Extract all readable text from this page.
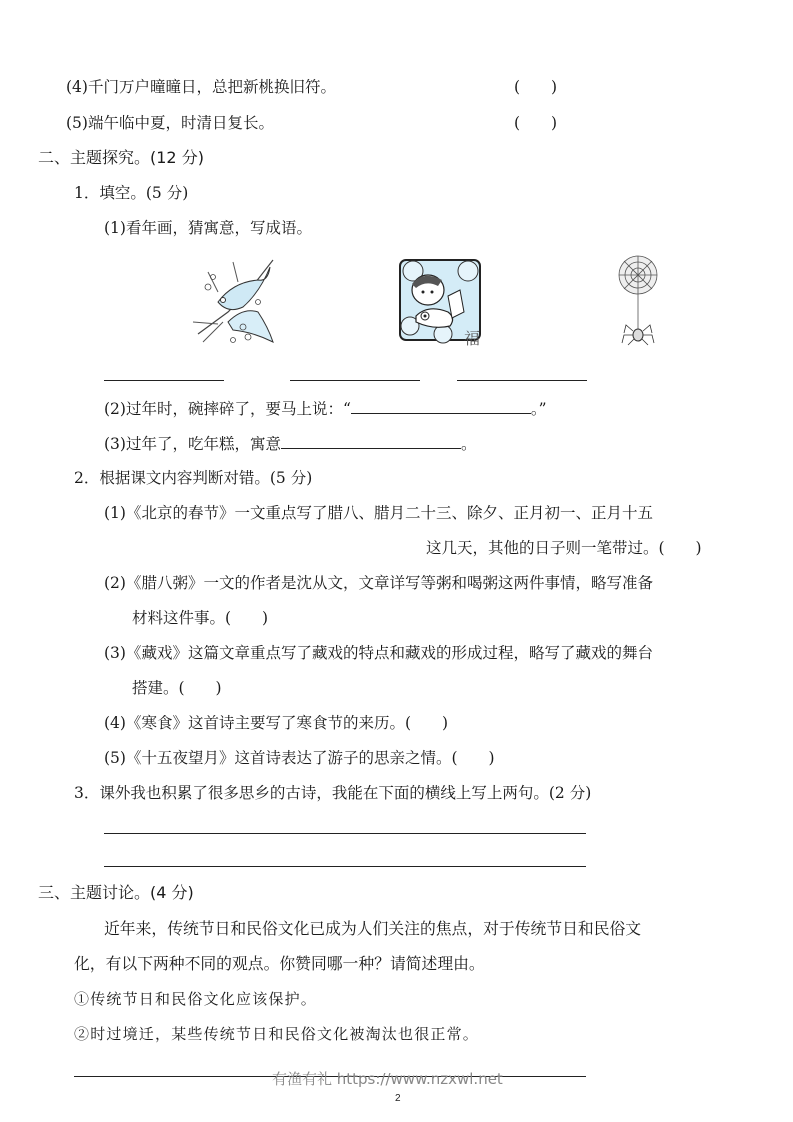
(4)千门万户曈曈日，总把新桃换旧符。	(　　)
(5)端午临中夏，时清日复长。	(　　)
二、主题探究。(12 分)
1．填空。(5 分)
(1)看年画，猜寓意，写成语。
福
(2)过年时，碗摔碎了，要马上说：“	。”
(3)过年了，吃年糕，寓意	。
2．根据课文内容判断对错。(5 分)
(1)《北京的春节》一文重点写了腊八、腊月二十三、除夕、正月初一、正月十五
这几天，其他的日子则一笔带过。(　　)
(2)《腊八粥》一文的作者是沈从文，文章详写等粥和喝粥这两件事情，略写准备
材料这件事。(　　)
(3)《藏戏》这篇文章重点写了藏戏的特点和藏戏的形成过程，略写了藏戏的舞台
搭建。(　　)
(4)《寒食》这首诗主要写了寒食节的来历。(　　)
(5)《十五夜望月》这首诗表达了游子的思亲之情。(　　)
3．课外我也积累了很多思乡的古诗，我能在下面的横线上写上两句。(2 分)
三、主题讨论。(4 分)
近年来，传统节日和民俗文化已成为人们关注的焦点，对于传统节日和民俗文
化，有以下两种不同的观点。你赞同哪一种？请简述理由。
①传统节日和民俗文化应该保护。
②时过境迁，某些传统节日和民俗文化被淘汰也很正常。
有渔有礼 https://www.nzxwl.net
2
